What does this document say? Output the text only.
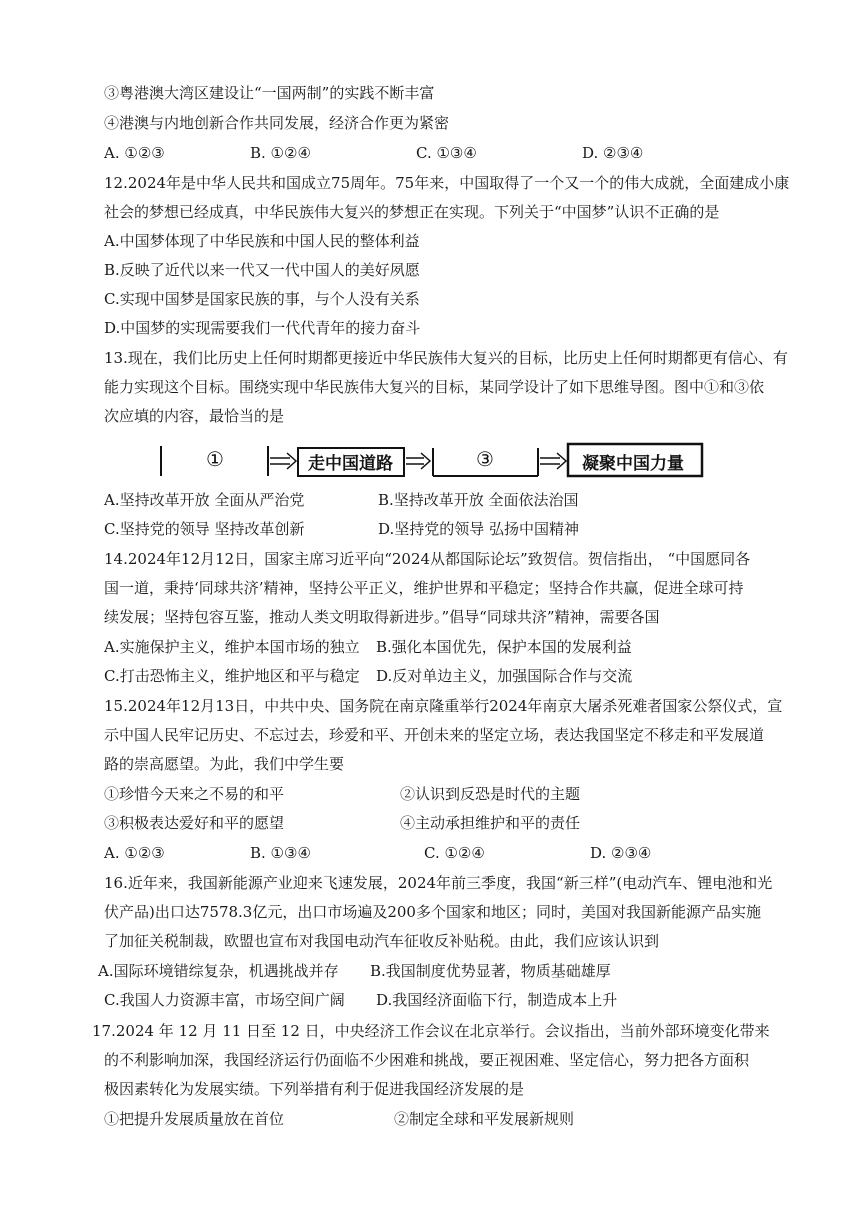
③粤港澳大湾区建设让“一国两制”的实践不断丰富
④港澳与内地创新合作共同发展，经济合作更为紧密
A. ①②③	B. ①②④	C. ①③④	D. ②③④
12.2024年是中华人民共和国成立75周年。75年来，中国取得了一个又一个的伟大成就，全面建成小康
社会的梦想已经成真，中华民族伟大复兴的梦想正在实现。下列关于“中国梦”认识不正确的是
A.中国梦体现了中华民族和中国人民的整体利益
B.反映了近代以来一代又一代中国人的美好夙愿
C.实现中国梦是国家民族的事，与个人没有关系
D.中国梦的实现需要我们一代代青年的接力奋斗
13.现在，我们比历史上任何时期都更接近中华民族伟大复兴的目标，比历史上任何时期都更有信心、有
能力实现这个目标。围绕实现中华民族伟大复兴的目标，某同学设计了如下思维导图。图中①和③依
次应填的内容，最恰当的是
①	走中国道路	③	凝聚中国力量
A.坚持改革开放 全面从严治党	B.坚持改革开放 全面依法治国
C.坚持党的领导 坚持改革创新	D.坚持党的领导 弘扬中国精神
14.2024年12月12日，国家主席习近平向“2024从都国际论坛”致贺信。贺信指出， “中国愿同各
国一道，秉持‘同球共济’精神，坚持公平正义，维护世界和平稳定；坚持合作共赢，促进全球可持
续发展；坚持包容互鉴，推动人类文明取得新进步。”倡导“同球共济”精神，需要各国
A.实施保护主义，维护本国市场的独立 B.强化本国优先，保护本国的发展利益
C.打击恐怖主义，维护地区和平与稳定 D.反对单边主义，加强国际合作与交流
15.2024年12月13日，中共中央、国务院在南京隆重举行2024年南京大屠杀死难者国家公祭仪式，宣
示中国人民牢记历史、不忘过去，珍爱和平、开创未来的坚定立场，表达我国坚定不移走和平发展道
路的崇高愿望。为此，我们中学生要
①珍惜今天来之不易的和平	②认识到反恐是时代的主题
③积极表达爱好和平的愿望	④主动承担维护和平的责任
A. ①②③	B. ①③④	C. ①②④	D. ②③④
16.近年来，我国新能源产业迎来飞速发展，2024年前三季度，我国“新三样”(电动汽车、锂电池和光
伏产品)出口达7578.3亿元，出口市场遍及200多个国家和地区；同时，美国对我国新能源产品实施
了加征关税制裁，欧盟也宣布对我国电动汽车征收反补贴税。由此，我们应该认识到
A.国际环境错综复杂，机遇挑战并存 B.我国制度优势显著，物质基础雄厚
C.我国人力资源丰富，市场空间广阔 D.我国经济面临下行，制造成本上升
17.2024 年 12 月 11 日至 12 日，中央经济工作会议在北京举行。会议指出，当前外部环境变化带来
的不利影响加深，我国经济运行仍面临不少困难和挑战，要正视困难、坚定信心，努力把各方面积
极因素转化为发展实绩。下列举措有利于促进我国经济发展的是
①把提升发展质量放在首位	②制定全球和平发展新规则
